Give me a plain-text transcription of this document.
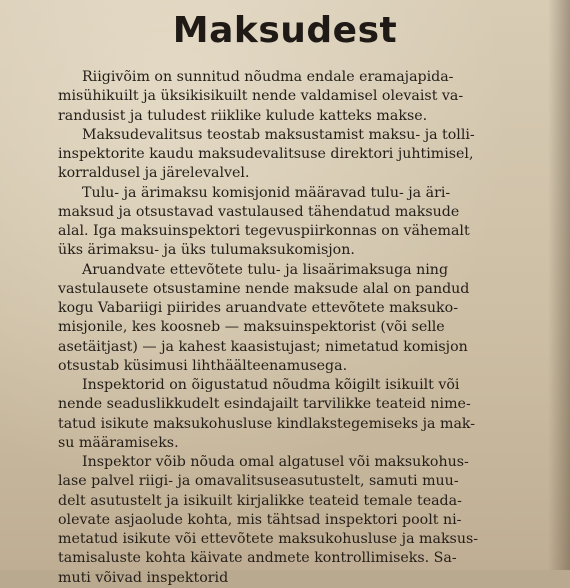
Maksudest
Riigivõim on sunnitud nõudma endale eramajapida-
misühikuilt ja üksikisikuilt nende valdamisel olevaist va-
randusist ja tuludest riiklike kulude katteks makse.
Maksudevalitsus teostab maksustamist maksu- ja tolli-
inspektorite kaudu maksudevalitsuse direktori juhtimisel,
korraldusel ja järelevalvel.
Tulu- ja ärimaksu komisjonid määravad tulu- ja äri-
maksud ja otsustavad vastulaused tähendatud maksude
alal. Iga maksuinspektori tegevuspiirkonnas on vähemalt
üks ärimaksu- ja üks tulumaksukomisjon.
Aruandvate ettevõtete tulu- ja lisaärimaksuga ning
vastulausete otsustamine nende maksude alal on pandud
kogu Vabariigi piirides aruandvate ettevõtete maksuko-
misjonile, kes koosneb — maksuinspektorist (või selle
asetäitjast) — ja kahest kaasistujast; nimetatud komisjon
otsustab küsimusi lihthäälteenamusega.
Inspektorid on õigustatud nõudma kõigilt isikuilt või
nende seaduslikkudelt esindajailt tarvilikke teateid nime-
tatud isikute maksukohusluse kindlakstegemiseks ja mak-
su määramiseks.
Inspektor võib nõuda omal algatusel või maksukohus-
lase palvel riigi- ja omavalitsuseasutustelt, samuti muu-
delt asutustelt ja isikuilt kirjalikke teateid temale teada-
olevate asjaolude kohta, mis tähtsad inspektori poolt ni-
metatud isikute või ettevõtete maksukohusluse ja maksus-
tamisaluste kohta käivate andmete kontrollimiseks. Sa-
muti võivad inspektorid
